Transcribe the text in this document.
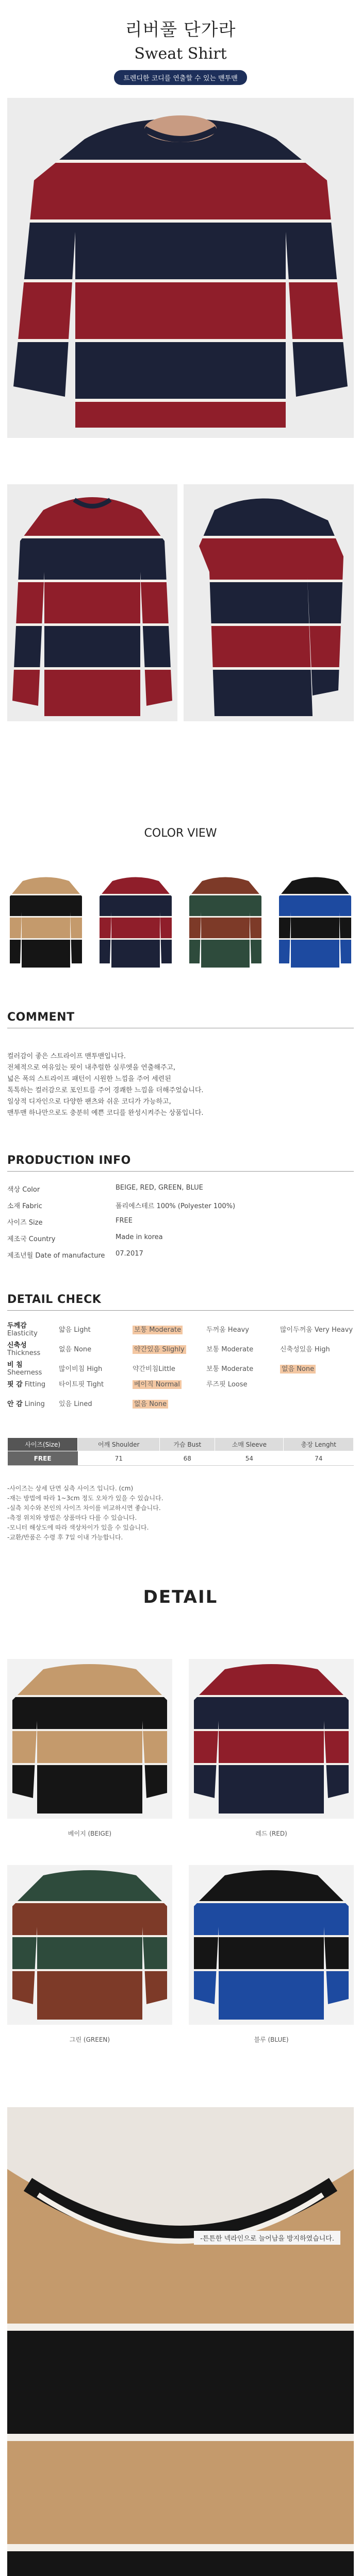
리버풀 단가라
Sweat Shirt
트렌디한 코디를 연출할 수 있는 맨투맨
COLOR VIEW
COMMENT

컬러감이 좋은 스트라이프 맨투맨입니다.

전체적으로 여유있는 핏이 내추럴한 실루엣을 연출해주고,

넓은 폭의 스트라이프 패턴이 시원한 느낌을 주어 세련된

톡톡하는 컬러감으로 포인트를 주어 경쾌한 느낌을 더해주었습니다.

일상적 디자인으로 다양한 팬츠와 쉬운 코디가 가능하고,

맨투맨 하나만으로도 충분히 예쁜 코디를 완성시켜주는 상품입니다.

PRODUCTION INFO
색상 Color	BEIGE, RED, GREEN, BLUE
소재 Fabric	폴리에스테르 100% (Polyester 100%)
사이즈 Size	FREE
제조국 Country	Made in korea
제조년월 Date of manufacture	07.2017
DETAIL CHECK
두께감Elasticity	얇음 Light	보통 Moderate	두꺼움 Heavy	많이두꺼움 Very Heavy
신축성Thickness	없음 None	약간있음 Slighly	보통 Moderate	신축성있음 High
비 침Sheerness	많이비침 High	약간비침Little	보통 Moderate	없음 None
핏 감 Fitting	타이트핏 Tight	베이직 Normal	루즈핏 Loose
안 감 Lining	있음 Lined	없음 None
사이즈(Size)	어깨 Shoulder	가슴 Bust	소매 Sleeve	총장 Lenght
FREE	71	68	54	74

-사이즈는 상세 단면 실측 사이즈 입니다. (cm)

-재는 방법에 따라 1~3cm 정도 오차가 있을 수 있습니다.

-실측 치수와 본인의 사이즈 차이를 비교하시면 좋습니다.

-측정 위치와 방법은 상품마다 다를 수 있습니다.

-모니터 해상도에 따라 색상차이가 있을 수 있습니다.

-교환/반품은 수령 후 7일 이내 가능합니다.

DETAIL
베이지 (BEIGE)	레드 (RED)
그린 (GREEN)	블루 (BLUE)
-튼튼한 넥라인으로 늘어남을 방지하였습니다.
